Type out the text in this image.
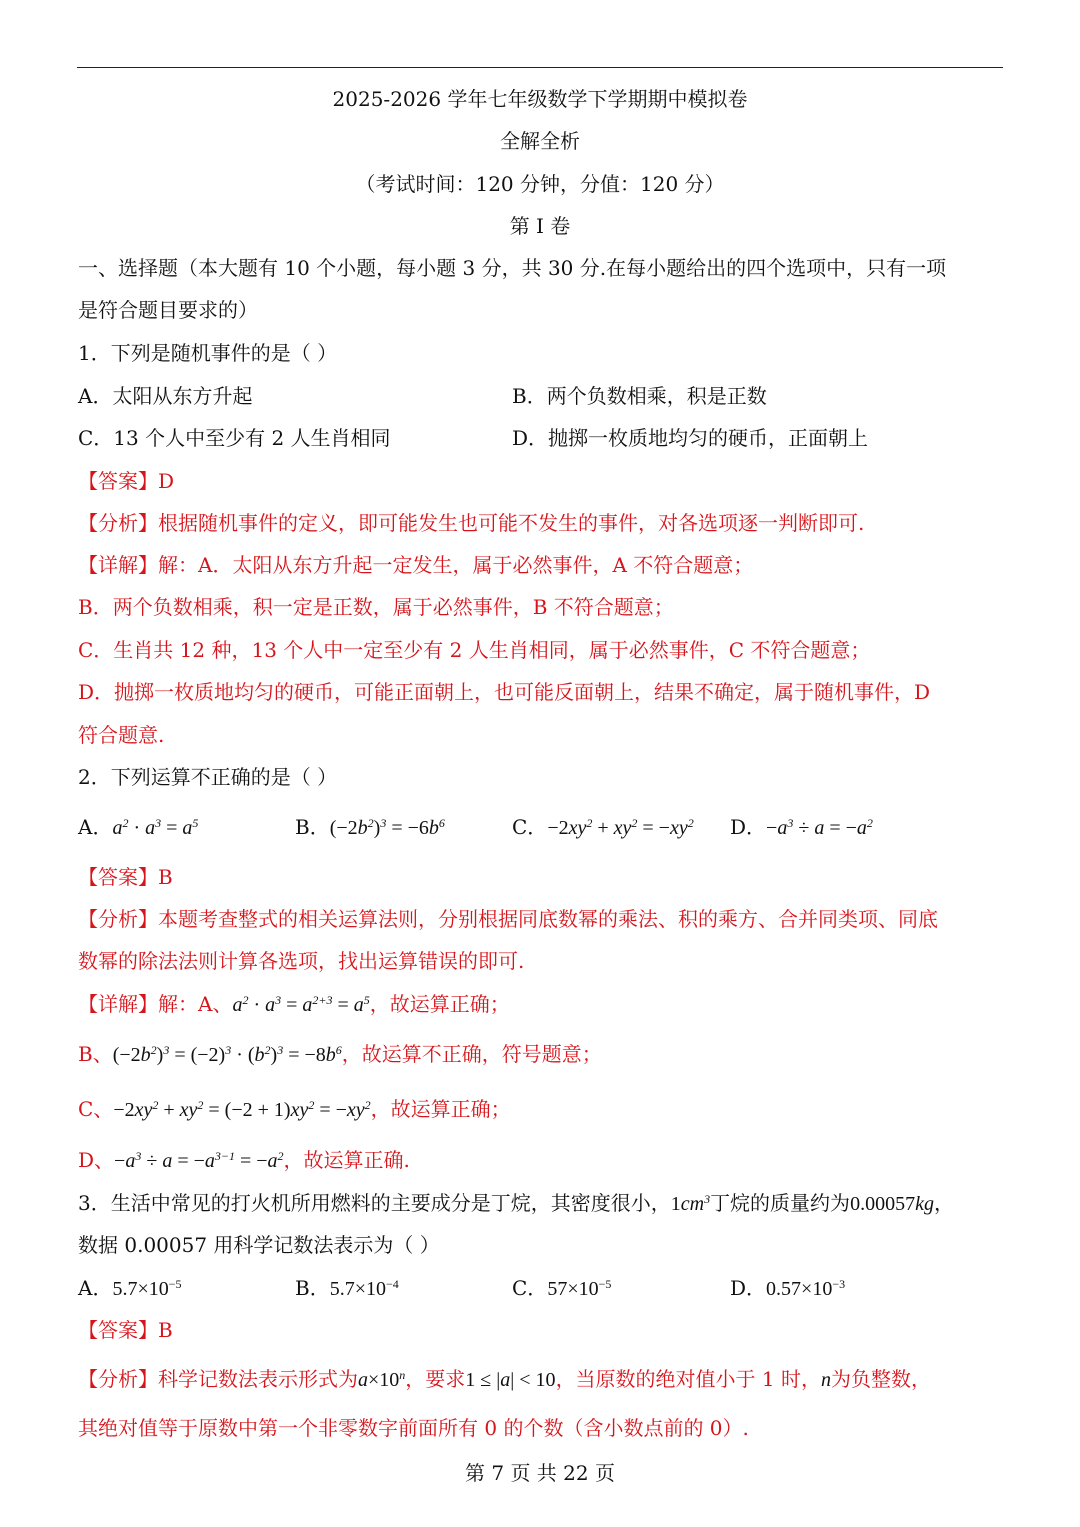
2025-2026 学年七年级数学下学期期中模拟卷
全解全析
（考试时间：120 分钟，分值：120 分）
第 I 卷
一、选择题（本大题有 10 个小题，每小题 3 分，共 30 分.在每小题给出的四个选项中，只有一项
是符合题目要求的）
1．下列是随机事件的是（ ）
A．太阳从东方升起	B．两个负数相乘，积是正数
C．13 个人中至少有 2 人生肖相同	D．抛掷一枚质地均匀的硬币，正面朝上
【答案】D
【分析】根据随机事件的定义，即可能发生也可能不发生的事件，对各选项逐一判断即可.
【详解】解：A．太阳从东方升起一定发生，属于必然事件，A 不符合题意；
B．两个负数相乘，积一定是正数，属于必然事件，B 不符合题意；
C．生肖共 12 种，13 个人中一定至少有 2 人生肖相同，属于必然事件，C 不符合题意；
D．抛掷一枚质地均匀的硬币，可能正面朝上，也可能反面朝上，结果不确定，属于随机事件，D
符合题意.
2．下列运算不正确的是（ ）
A．$a^2 \cdot a^3 = a^5$	B．$(-2b^2)^3 = -6b^6$	C．$-2xy^2 + xy^2 = -xy^2$ D．$-a^3 \div a = -a^2$
【答案】B
【分析】本题考查整式的相关运算法则，分别根据同底数幂的乘法、积的乘方、合并同类项、同底
数幂的除法法则计算各选项，找出运算错误的即可.
【详解】解：A、$a^2 \cdot a^3 = a^{2+3} = a^5$，故运算正确；
B、$(-2b^2)^3 = (-2)^3 \cdot (b^2)^3 = -8b^6$，故运算不正确，符号题意；
C、$-2xy^2 + xy^2 = (-2 + 1)xy^2 = -xy^2$，故运算正确；
D、$-a^3 \div a = -a^{3-1} = -a^2$，故运算正确.
3．生活中常见的打火机所用燃料的主要成分是丁烷，其密度很小，$1cm^3$丁烷的质量约为0.00057kg，
数据 0.00057 用科学记数法表示为（ ）
A．$5.7\times 10^{-5}$	B．$5.7\times 10^{-4}$	C．$57\times 10^{-5}$	D．$0.57\times 10^{-3}$
【答案】B
【分析】科学记数法表示形式为$a\times 10^n$，要求1 ≤ |a| < 10，当原数的绝对值小于 1 时，n为负整数，
其绝对值等于原数中第一个非零数字前面所有 0 的个数（含小数点前的 0）.
第 7 页 共 22 页
